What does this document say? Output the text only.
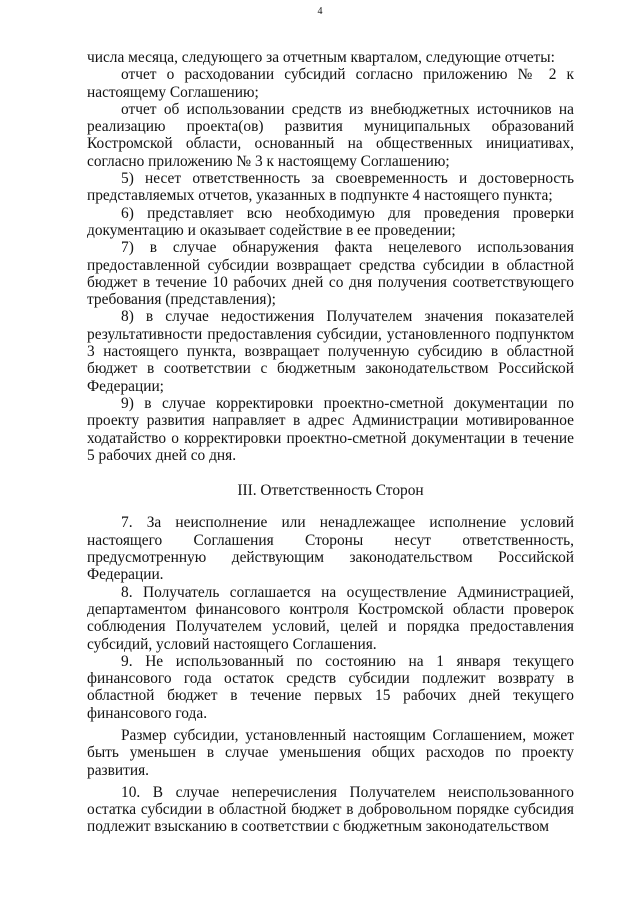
4

числа месяца, следующего за отчетным кварталом, следующие отчеты:

отчет о расходовании субсидий согласно приложению № 2 к настоящему Соглашению;

отчет об использовании средств из внебюджетных источников на реализацию проекта(ов) развития муниципальных образований Костромской области, основанный на общественных инициативах, согласно приложению № 3 к настоящему Соглашению;

5) несет ответственность за своевременность и достоверность представляемых отчетов, указанных в подпункте 4 настоящего пункта;

6) представляет всю необходимую для проведения проверки документацию и оказывает содействие в ее проведении;

7) в случае обнаружения факта нецелевого использования предоставленной субсидии возвращает средства субсидии в областной бюджет в течение 10 рабочих дней со дня получения соответствующего требования (представления);

8) в случае недостижения Получателем значения показателей результативности предоставления субсидии, установленного подпунктом 3 настоящего пункта, возвращает полученную субсидию в областной бюджет в соответствии с бюджетным законодательством Российской Федерации;

9) в случае корректировки проектно-сметной документации по проекту развития направляет в адрес Администрации мотивированное ходатайство о корректировки проектно-сметной документации в течение 5 рабочих дней со дня.

III. Ответственность Сторон

7. За неисполнение или ненадлежащее исполнение условий настоящего Соглашения Стороны несут ответственность, предусмотренную действующим законодательством Российской Федерации.

8. Получатель соглашается на осуществление Администрацией, департаментом финансового контроля Костромской области проверок соблюдения Получателем условий, целей и порядка предоставления субсидий, условий настоящего Соглашения.

9. Не использованный по состоянию на 1 января текущего финансового года остаток средств субсидии подлежит возврату в областной бюджет в течение первых 15 рабочих дней текущего финансового года.

Размер субсидии, установленный настоящим Соглашением, может быть уменьшен в случае уменьшения общих расходов по проекту развития.

10. В случае неперечисления Получателем неиспользованного остатка субсидии в областной бюджет в добровольном порядке субсидия подлежит взысканию в соответствии с бюджетным законодательством
